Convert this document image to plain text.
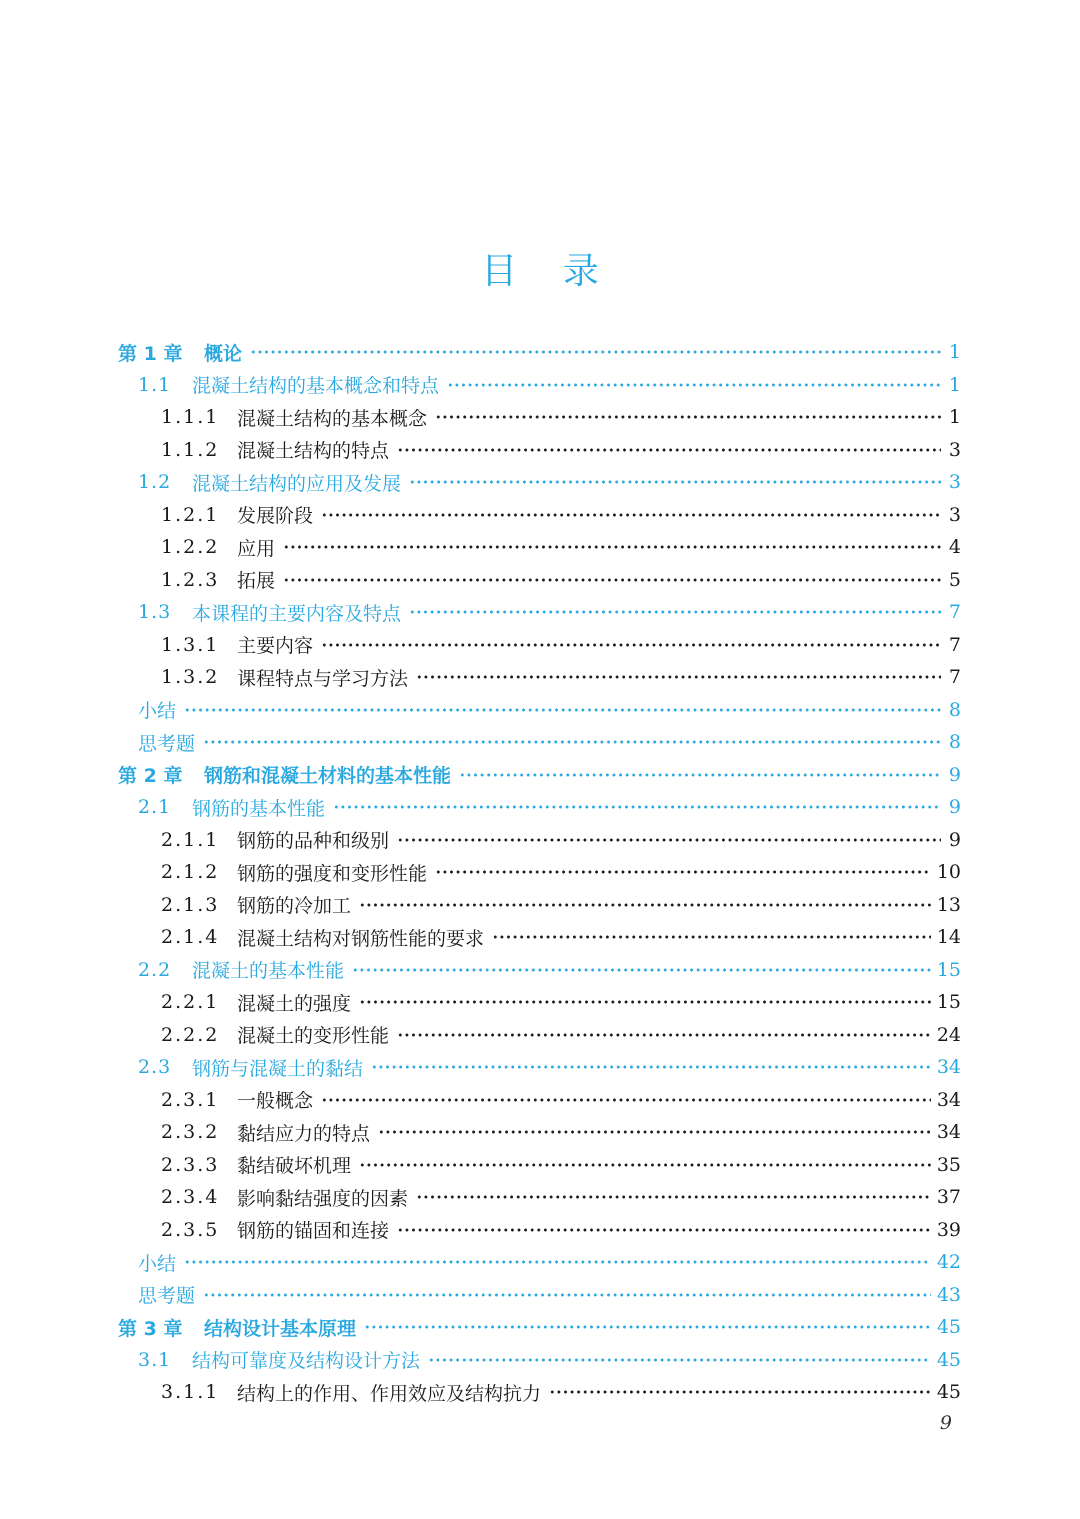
目    录
第 1 章	概论	1
1.1	混凝土结构的基本概念和特点	1
1.1.1 混凝土结构的基本概念	1
1.1.2 混凝土结构的特点	3
1.2	混凝土结构的应用及发展	3
1.2.1 发展阶段	3
1.2.2 应用	4
1.2.3 拓展	5
1.3	本课程的主要内容及特点	7
1.3.1 主要内容	7
1.3.2 课程特点与学习方法	7
小结	8
思考题	8
第 2 章	钢筋和混凝土材料的基本性能	9
2.1	钢筋的基本性能	9
2.1.1 钢筋的品种和级别	9
2.1.2 钢筋的强度和变形性能	10
2.1.3 钢筋的冷加工	13
2.1.4 混凝土结构对钢筋性能的要求	14
2.2	混凝土的基本性能	15
2.2.1 混凝土的强度	15
2.2.2 混凝土的变形性能	24
2.3	钢筋与混凝土的黏结	34
2.3.1 一般概念	34
2.3.2 黏结应力的特点	34
2.3.3 黏结破坏机理	35
2.3.4 影响黏结强度的因素	37
2.3.5 钢筋的锚固和连接	39
小结	42
思考题	43
第 3 章	结构设计基本原理	45
3.1	结构可靠度及结构设计方法	45
3.1.1 结构上的作用、作用效应及结构抗力	45
9
